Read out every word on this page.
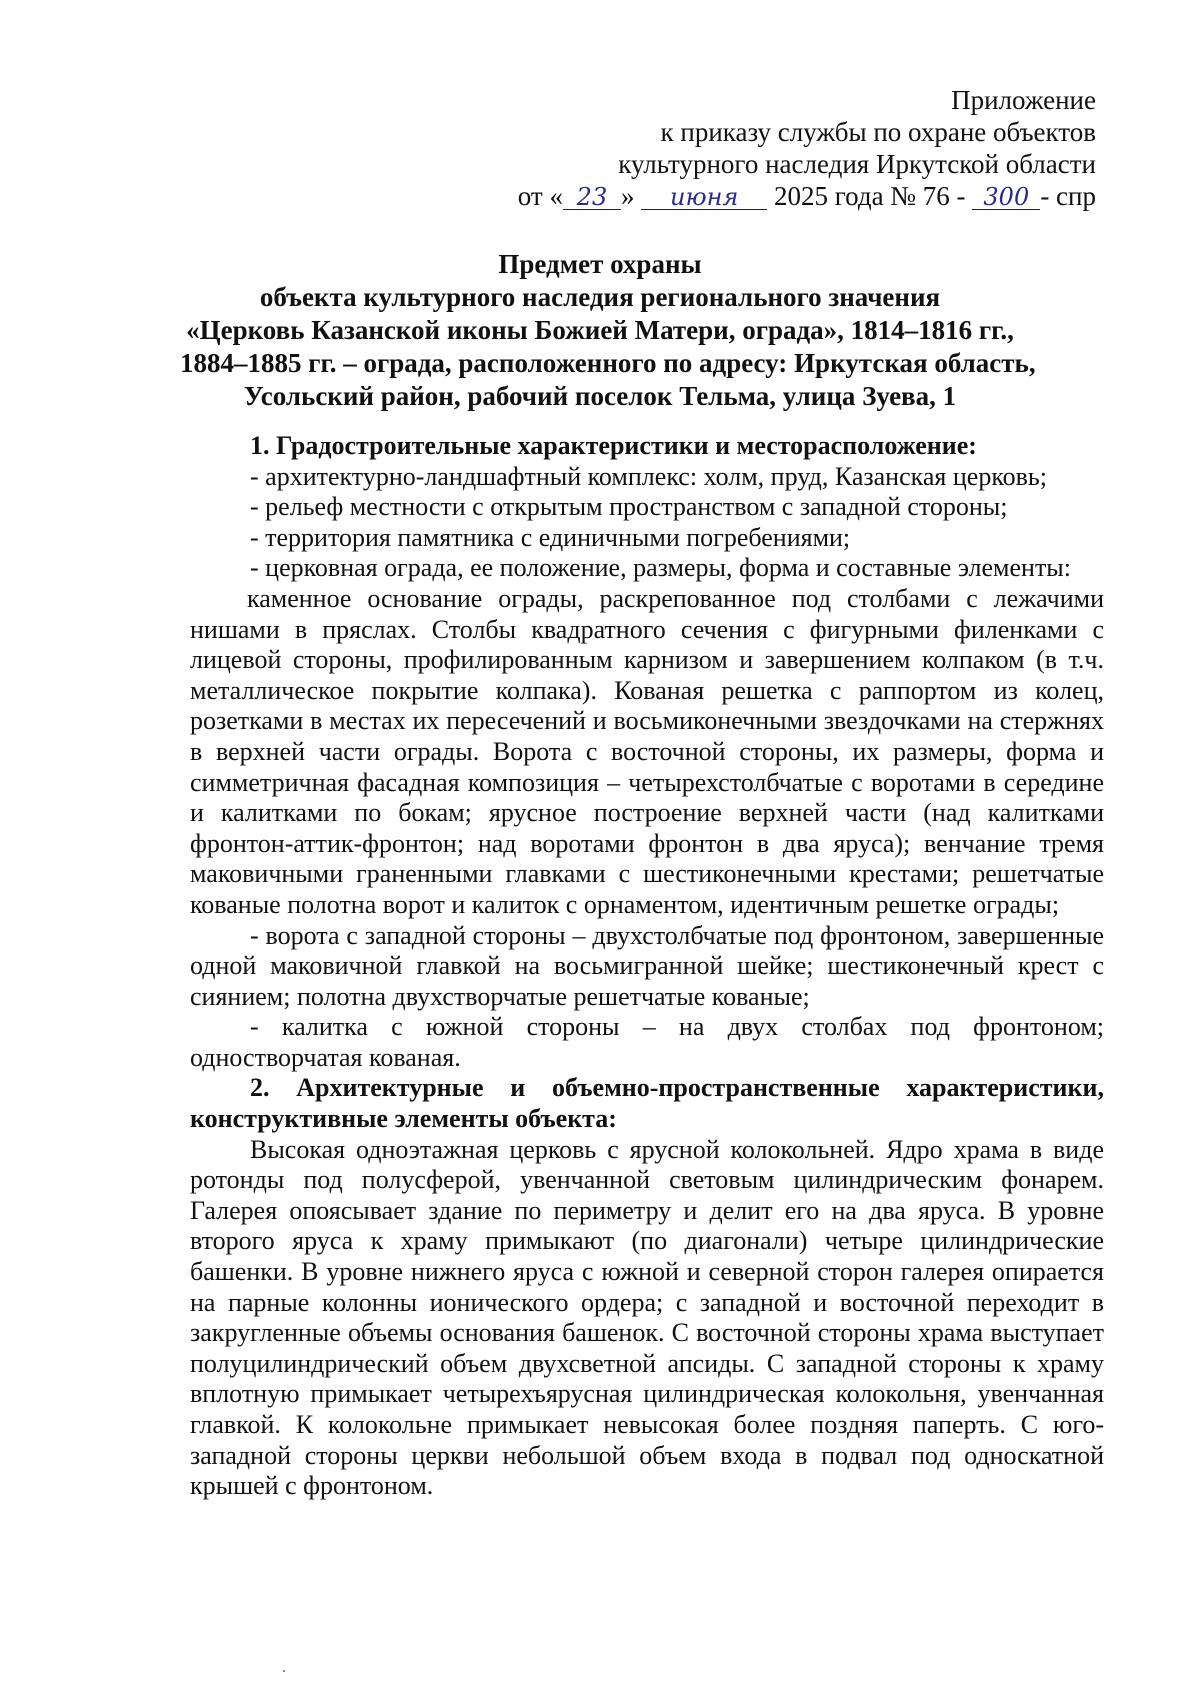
Приложение
к приказу службы по охране объектов
культурного наследия Иркутской области
от « 23 » июня 2025 года № 76 - 300 - спр
Предмет охраны
объекта культурного наследия регионального значения
«Церковь Казанской иконы Божией Матери, ограда», 1814–1816 гг.,
1884–1885 гг. – ограда, расположенного по адресу: Иркутская область,
Усольский район, рабочий поселок Тельма, улица Зуева, 1

1. Градостроительные характеристики и месторасположение:

- архитектурно-ландшафтный комплекс: холм, пруд, Казанская церковь;

- рельеф местности с открытым пространством с западной стороны;

- территория памятника с единичными погребениями;

- церковная ограда, ее положение, размеры, форма и составные элементы:

каменное основание ограды, раскрепованное под столбами с лежачими нишами в пряслах. Столбы квадратного сечения с фигурными филенками с лицевой стороны, профилированным карнизом и завершением колпаком (в т.ч. металлическое покрытие колпака). Кованая решетка с раппортом из колец, розетками в местах их пересечений и восьмиконечными звездочками на стержнях в верхней части ограды. Ворота с восточной стороны, их размеры, форма и симметричная фасадная композиция – четырехстолбчатые с воротами в середине и калитками по бокам; ярусное построение верхней части (над калитками фронтон-аттик-фронтон; над воротами фронтон в два яруса); венчание тремя маковичными граненными главками с шестиконечными крестами; решетчатые кованые полотна ворот и калиток с орнаментом, идентичным решетке ограды;

- ворота с западной стороны – двухстолбчатые под фронтоном, завершенные одной маковичной главкой на восьмигранной шейке; шестиконечный крест с сиянием; полотна двухстворчатые решетчатые кованые;

- калитка с южной стороны – на двух столбах под фронтоном; одностворчатая кованая.

2. Архитектурные и объемно-пространственные характеристики, конструктивные элементы объекта:

Высокая одноэтажная церковь с ярусной колокольней. Ядро храма в виде ротонды под полусферой, увенчанной световым цилиндрическим фонарем. Галерея опоясывает здание по периметру и делит его на два яруса. В уровне второго яруса к храму примыкают (по диагонали) четыре цилиндрические башенки. В уровне нижнего яруса с южной и северной сторон галерея опирается на парные колонны ионического ордера; с западной и восточной переходит в закругленные объемы основания башенок. С восточной стороны храма выступает полуцилиндрический объем двухсветной апсиды. С западной стороны к храму вплотную примыкает четырехъярусная цилиндрическая колокольня, увенчанная главкой. К колокольне примыкает невысокая более поздняя паперть. С юго-западной стороны церкви небольшой объем входа в подвал под односкатной крышей с фронтоном.
